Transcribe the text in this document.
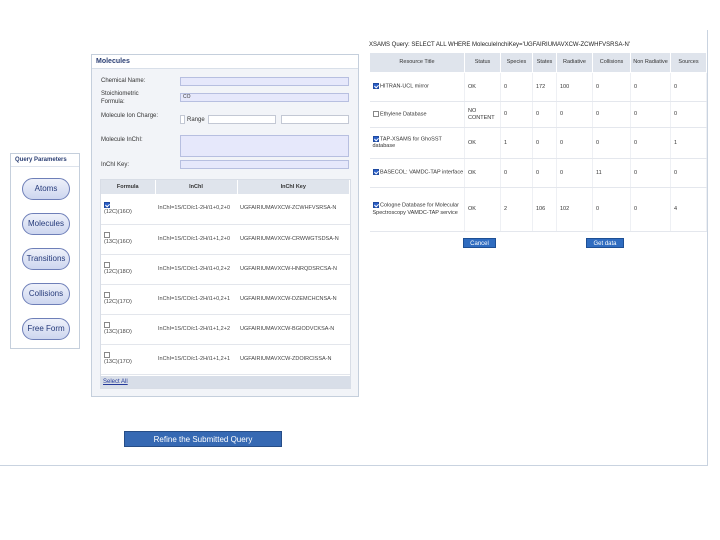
Query Parameters
Atoms
Molecules
Transitions
Collisions
Free Form
Molecules
Chemical Name:
Stoichiometric Formula:
CO
Molecule Ion Charge:
Range
Molecule InChI:
InChI Key:
Formula	InChI	InChI Key

(12C)(16O)	InChI=1S/CO/c1-2H/i1+0,2+0	UGFAIRIUMAVXCW-ZCWHFVSRSA-N

(13C)(16O)	InChI=1S/CO/c1-2H/i1+1,2+0	UGFAIRIUMAVXCW-CRWWGTSDSA-N

(12C)(18O)	InChI=1S/CO/c1-2H/i1+0,2+2	UGFAIRIUMAVXCW-HNRQDSRCSA-N

(12C)(17O)	InChI=1S/CO/c1-2H/i1+0,2+1	UGFAIRIUMAVXCW-DZEMCHCNSA-N

(13C)(18O)	InChI=1S/CO/c1-2H/i1+1,2+2	UGFAIRIUMAVXCW-BGIODVCKSA-N

(13C)(17O)	InChI=1S/CO/c1-2H/i1+1,2+1	UGFAIRIUMAVXCW-ZDOIRCISSA-N
Select All
XSAMS Query: SELECT ALL WHERE MoleculeInchiKey='UGFAIRIUMAVXCW-ZCWHFVSRSA-N'
Resource Title	Status	Species	States	Radiative	Collisions	Non Radiative	Sources
HITRAN-UCL mirror	OK	0	172	100	0	0	0
Ethylene Database	NO CONTENT	0	0	0	0	0	0
TAP-XSAMS for GhoSST database	OK	1	0	0	0	0	1
BASECOL: VAMDC-TAP interface	OK	0	0	0	11	0	0
Cologne Database for Molecular Spectroscopy VAMDC-TAP service	OK	2	106	102	0	0	4
Cancel	Get data
Refine the Submitted Query
